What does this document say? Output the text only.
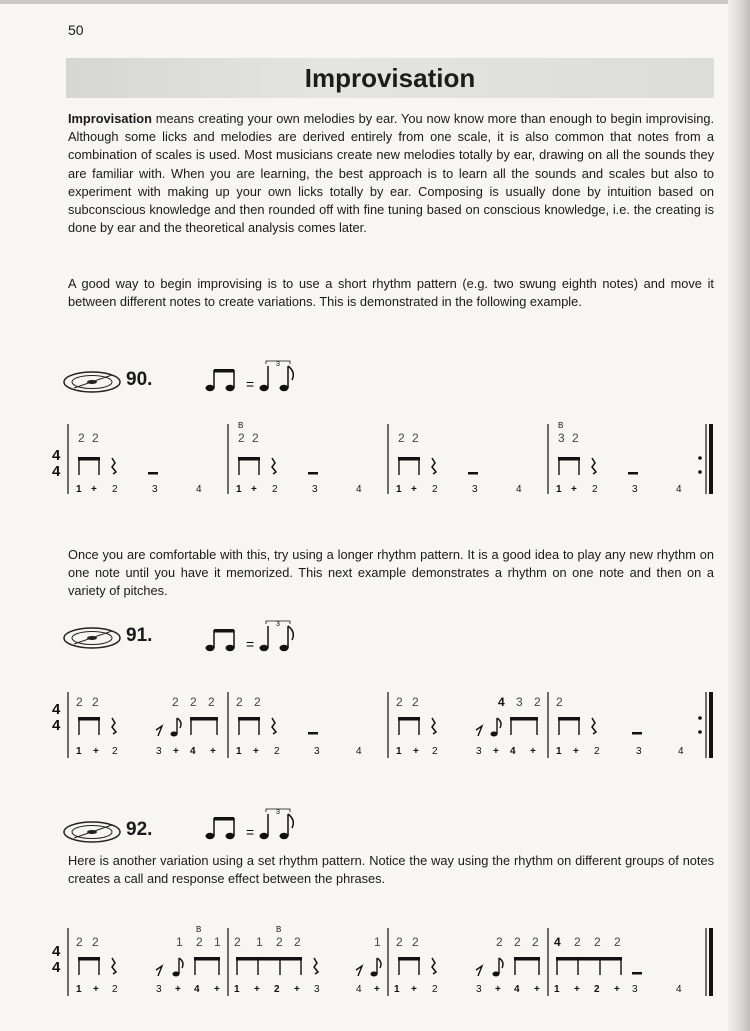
50
Improvisation
Improvisation means creating your own melodies by ear. You now know more than enough to begin improvising. Although some licks and melodies are derived entirely from one scale, it is also common that notes from a combination of scales is used. Most musicians create new melodies totally by ear, drawing on all the sounds they are familiar with. When you are learning, the best approach is to learn all the sounds and scales but also to experiment with making up your own licks totally by ear. Composing is usually done by intuition based on subconscious knowledge and then rounded off with fine tuning based on conscious knowledge, i.e. the creating is done by ear and the theoretical analysis comes later.
A good way to begin improvising is to use a short rhythm pattern (e.g. two swung eighth notes) and move it between different notes to create variations. This is demonstrated in the following example.
90.	=
3
4
4
2 2
B
2 2	2 2
B
3 2
1 + 2	3	4	1 + 2	3	4	1 + 2	3	4	1 + 2	3	4
Once you are comfortable with this, try using a longer rhythm pattern. It is a good idea to play any new rhythm on one note until you have it memorized. This next example demonstrates a rhythm on one note and then on a variety of pitches.
91.	=
3
4
4
2 2	2 2 2 2 2	2 2	4 3 2 2
1 + 2	3 + 4 + 1 + 2	3	4	1 + 2	3 + 4 + 1 + 2	3	4
92.	=
3
Here is another variation using a set rhythm pattern. Notice the way using the rhythm on different groups of notes creates a call and response effect between the phrases.
4
4
B	B
2 2	1 2 1 2 1 2 2	1 2 2	2 2 2 4 2 2 2
1 + 2	3 + 4 + 1 + 2 + 3	4 + 1 + 2	3 + 4 + 1 + 2 + 3	4
